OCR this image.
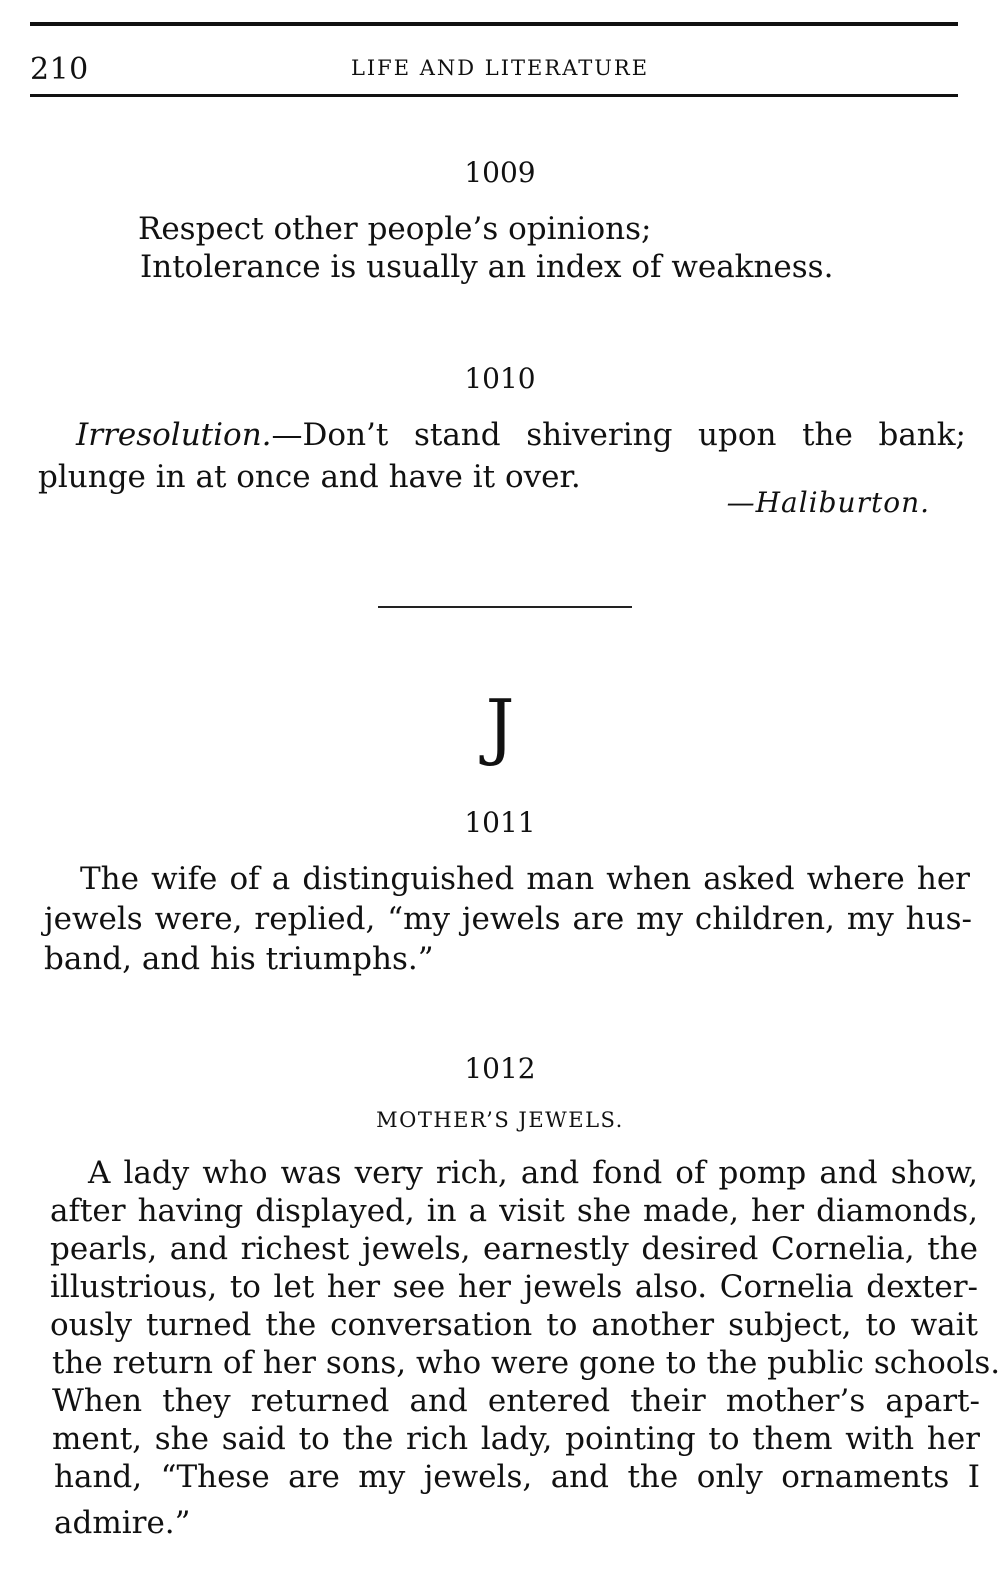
210	LIFE AND LITERATURE
1009
Respect other people’s opinions;
Intolerance is usually an index of weakness.
1010
Irresolution.—Don’t stand shivering upon the bank;
plunge in at once and have it over.
—Haliburton.
J
1011
The wife of a distinguished man when asked where her
jewels were, replied, “my jewels are my children, my hus-
band, and his triumphs.”
1012
MOTHER’S JEWELS.
A lady who was very rich, and fond of pomp and show,
after having displayed, in a visit she made, her diamonds,
pearls, and richest jewels, earnestly desired Cornelia, the
illustrious, to let her see her jewels also. Cornelia dexter-
ously turned the conversation to another subject, to wait
the return of her sons, who were gone to the public schools.
When they returned and entered their mother’s apart-
ment, she said to the rich lady, pointing to them with her
hand, “These are my jewels, and the only ornaments I
admire.”
